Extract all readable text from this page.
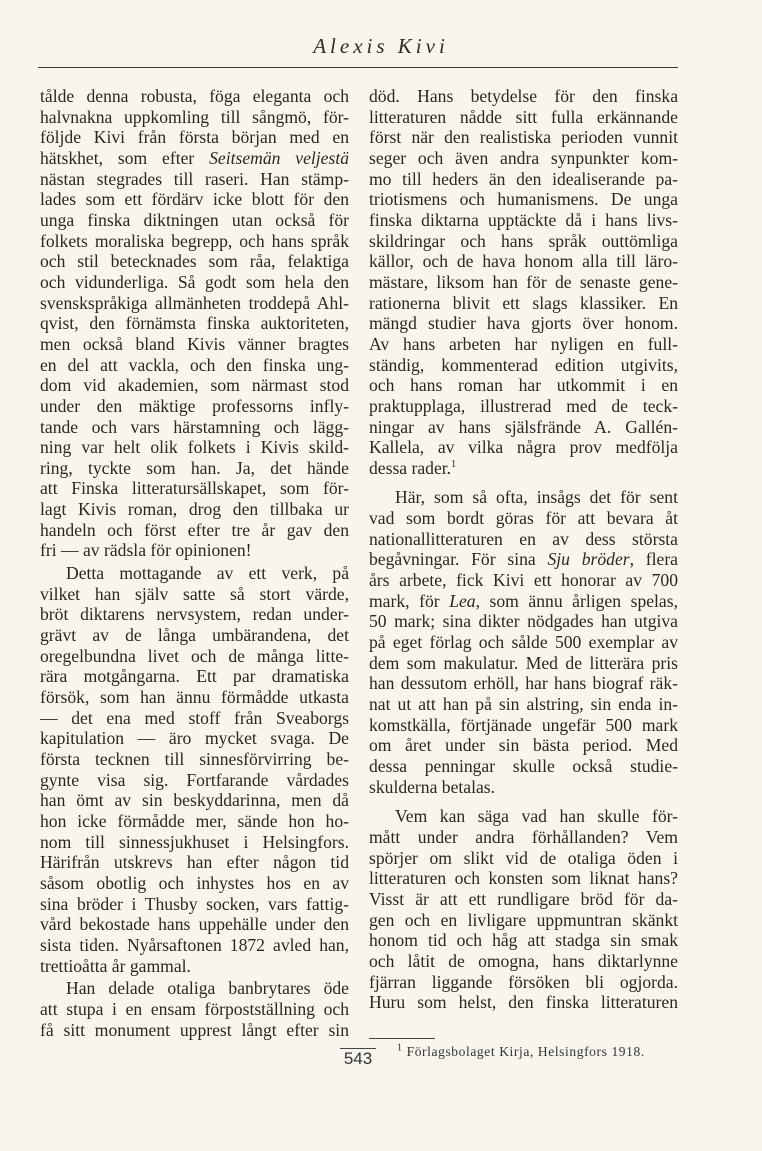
Alexis Kivi
tålde denna robusta, föga eleganta och
halvnakna uppkomling till sångmö, för-
följde Kivi från första början med en
hätskhet, som efter Seitsemän veljestä
nästan stegrades till raseri. Han stämp-
lades som ett fördärv icke blott för den
unga finska diktningen utan också för
folkets moraliska begrepp, och hans språk
och stil betecknades som råa, felaktiga
och vidunderliga. Så godt som hela den
svenskspråkiga allmänheten troddepå Ahl-
qvist, den förnämsta finska auktoriteten,
men också bland Kivis vänner bragtes
en del att vackla, och den finska ung-
dom vid akademien, som närmast stod
under den mäktige professorns infly-
tande och vars härstamning och lägg-
ning var helt olik folkets i Kivis skild-
ring, tyckte som han. Ja, det hände
att Finska litteratursällskapet, som för-
lagt Kivis roman, drog den tillbaka ur
handeln och först efter tre år gav den
fri — av rädsla för opinionen!
Detta mottagande av ett verk, på
vilket han själv satte så stort värde,
bröt diktarens nervsystem, redan under-
grävt av de långa umbärandena, det
oregelbundna livet och de många litte-
rära motgångarna. Ett par dramatiska
försök, som han ännu förmådde utkasta
— det ena med stoff från Sveaborgs
kapitulation — äro mycket svaga. De
första tecknen till sinnesförvirring be-
gynte visa sig. Fortfarande vårdades
han ömt av sin beskyddarinna, men då
hon icke förmådde mer, sände hon ho-
nom till sinnessjukhuset i Helsingfors.
Härifrån utskrevs han efter någon tid
såsom obotlig och inhystes hos en av
sina bröder i Thusby socken, vars fattig-
vård bekostade hans uppehälle under den
sista tiden. Nyårsaftonen 1872 avled han,
trettioåtta år gammal.
Han delade otaliga banbrytares öde
att stupa i en ensam förpostställning och
få sitt monument upprest långt efter sin
död. Hans betydelse för den finska
litteraturen nådde sitt fulla erkännande
först när den realistiska perioden vunnit
seger och även andra synpunkter kom-
mo till heders än den idealiserande pa-
triotismens och humanismens. De unga
finska diktarna upptäckte då i hans livs-
skildringar och hans språk outtömliga
källor, och de hava honom alla till läro-
mästare, liksom han för de senaste gene-
rationerna blivit ett slags klassiker. En
mängd studier hava gjorts över honom.
Av hans arbeten har nyligen en full-
ständig, kommenterad edition utgivits,
och hans roman har utkommit i en
praktupplaga, illustrerad med de teck-
ningar av hans själsfrände A. Gallén-
Kallela, av vilka några prov medfölja
dessa rader.$^1$
Här, som så ofta, insågs det för sent
vad som bordt göras för att bevara åt
nationallitteraturen en av dess största
begåvningar. För sina Sju bröder, flera
års arbete, fick Kivi ett honorar av 700
mark, för Lea, som ännu årligen spelas,
50 mark; sina dikter nödgades han utgiva
på eget förlag och sålde 500 exemplar av
dem som makulatur. Med de litterära pris
han dessutom erhöll, har hans biograf räk-
nat ut att han på sin alstring, sin enda in-
komstkälla, förtjänade ungefär 500 mark
om året under sin bästa period. Med
dessa penningar skulle också studie-
skulderna betalas.
Vem kan säga vad han skulle för-
mått under andra förhållanden? Vem
spörjer om slikt vid de otaliga öden i
litteraturen och konsten som liknat hans?
Visst är att ett rundligare bröd för da-
gen och en livligare uppmuntran skänkt
honom tid och håg att stadga sin smak
och låtit de omogna, hans diktarlynne
fjärran liggande försöken bli ogjorda.
Huru som helst, den finska litteraturen
$^1$ Förlagsbolaget Kirja, Helsingfors 1918.
543
